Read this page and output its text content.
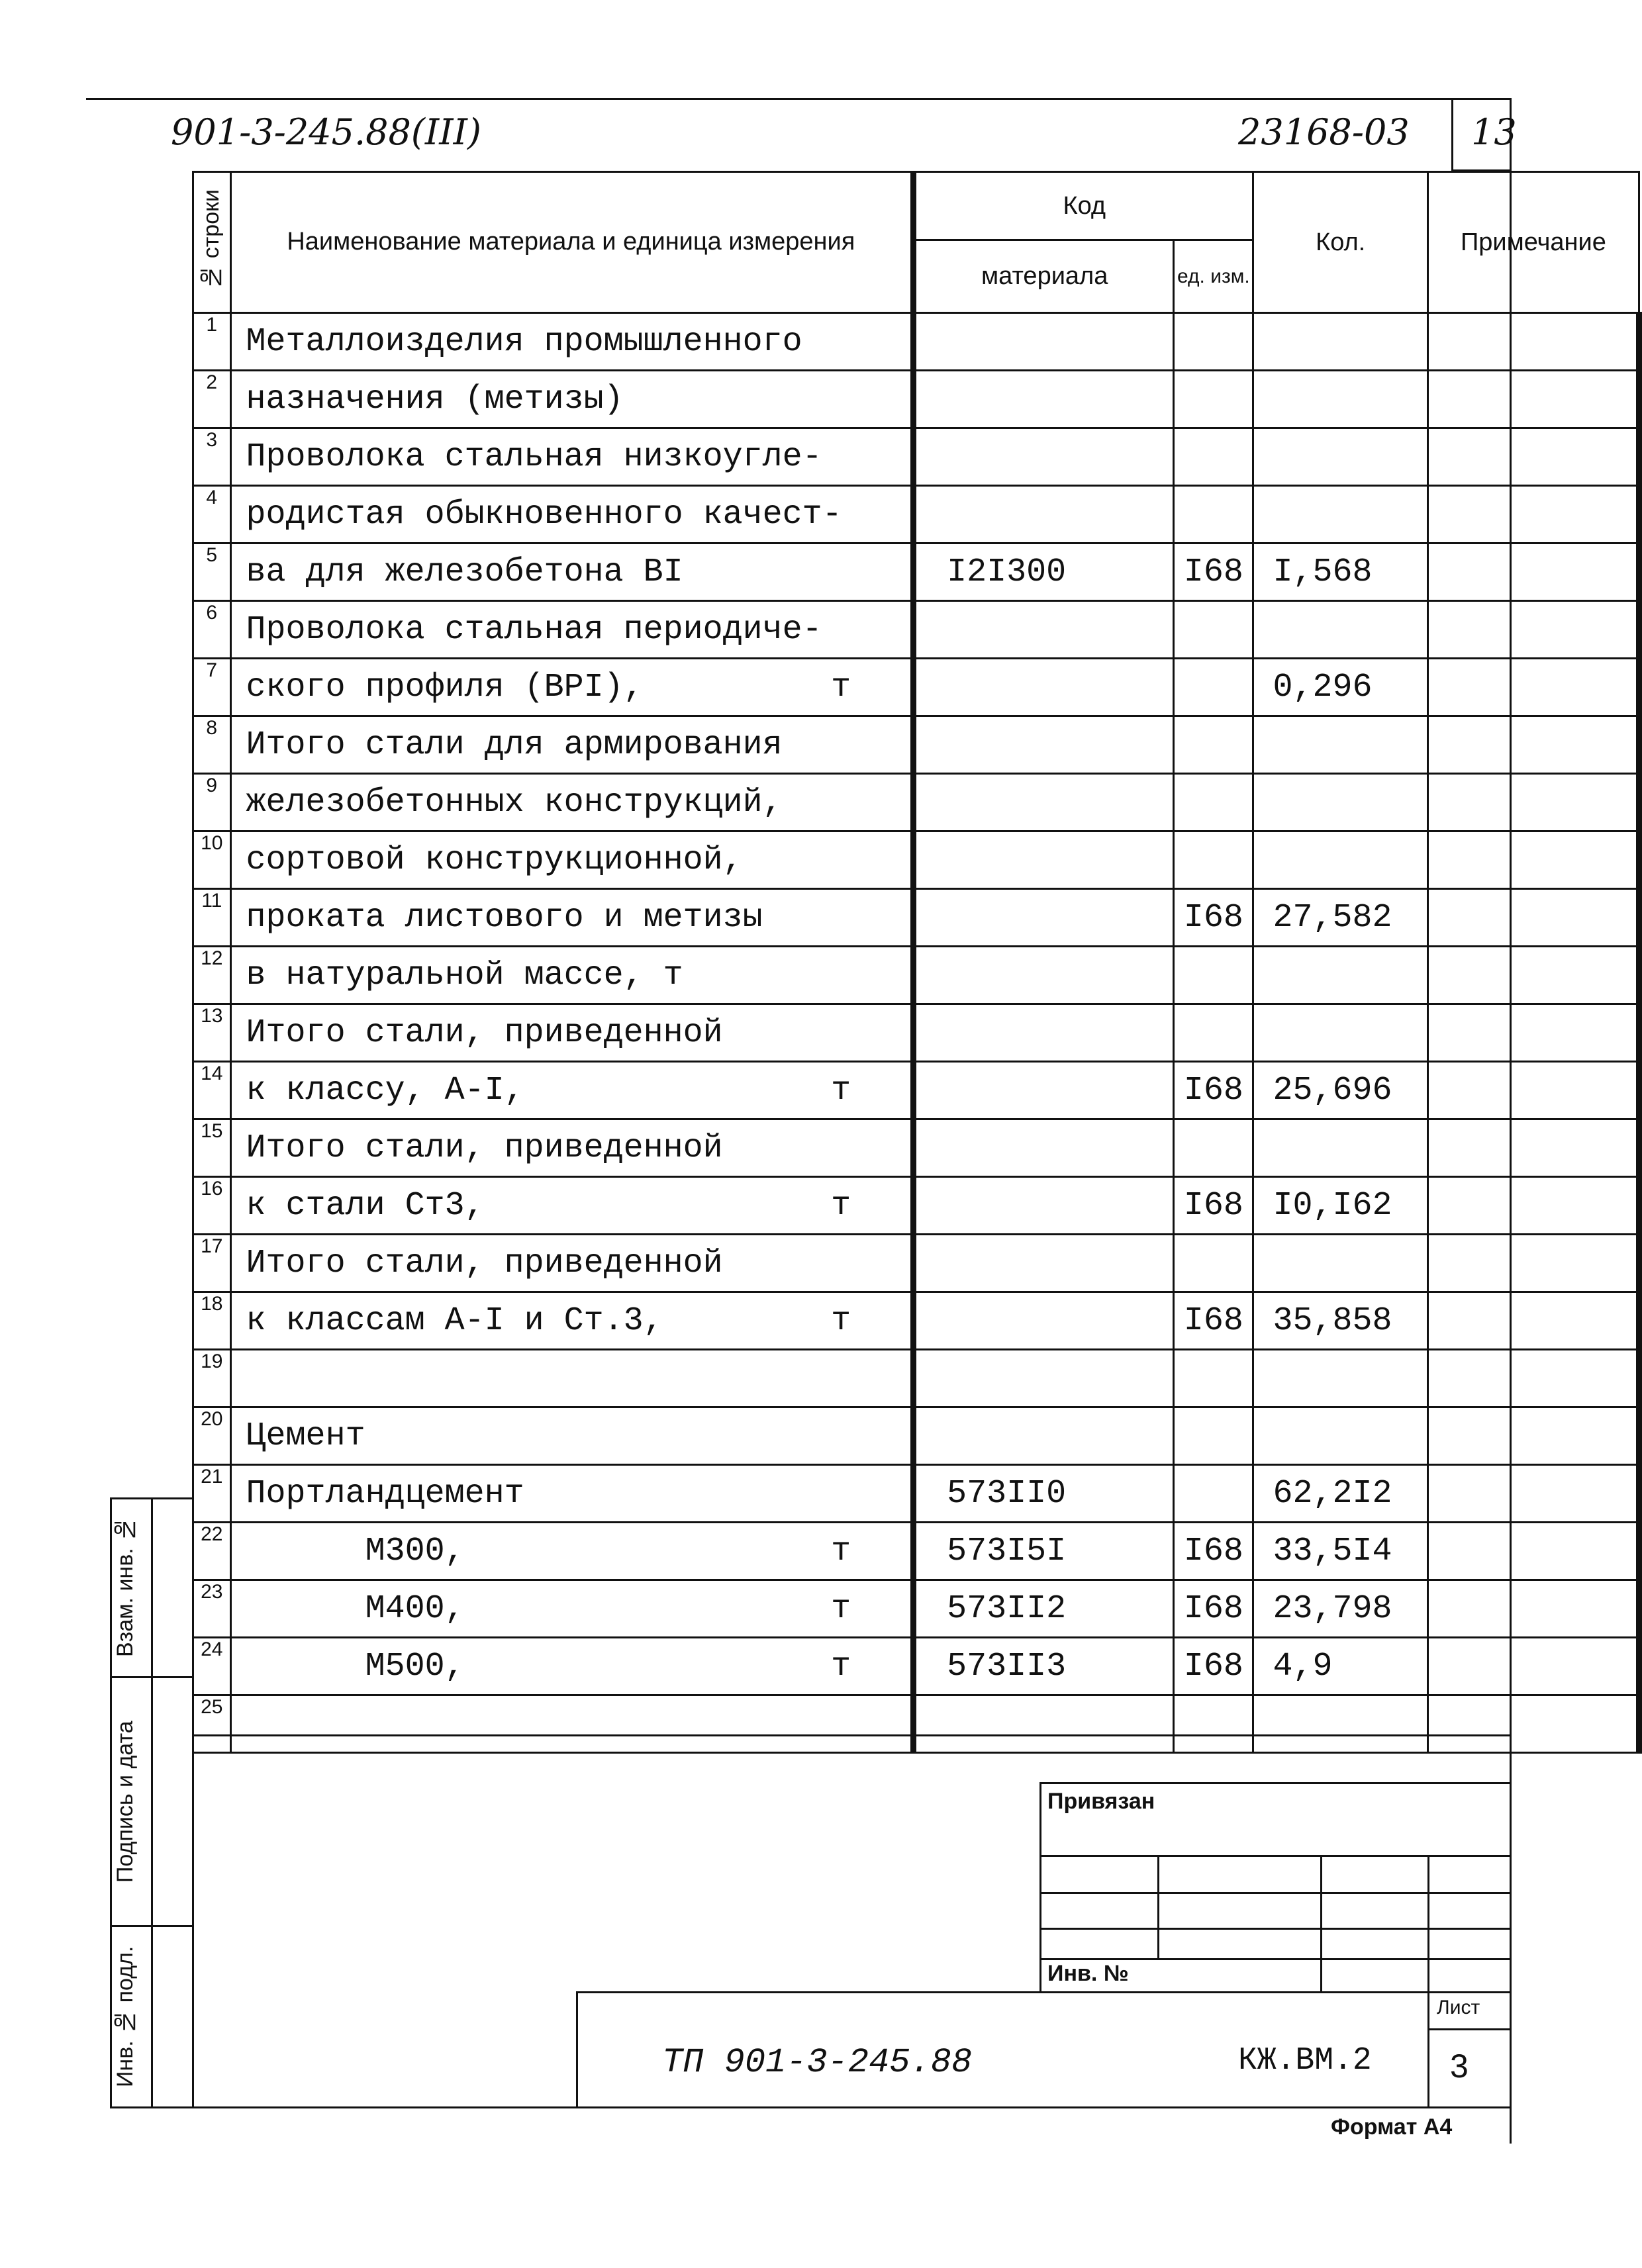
901-3-245.88(III)	23168-03 13
№ строки	Наименование материала и единица измерения	Код		Кол.	Примечание
		материала	ед. изм.		
1	Металлоизделия промышленного				

2	назначения (метизы)				

3	Проволока стальная низкоугле-				

4	родистая обыкновенного качест-				

5	ва для железобетона BI	I2I300	I68	I,568	
6	Проволока стальная периодиче-				

7	ского профиля (ВРI), т			0,296	
8	Итого стали для армирования				

9	железобетонных конструкций,				

10	сортовой конструкционной,				

11	проката листового и метизы		I68	27,582	
12	в натуральной массе, т				

13	Итого стали, приведенной				

14	к классу, А-I, т		I68	25,696	
15	Итого стали, приведенной				

16	к стали Ст3, т		I68	I0,I62	
17	Итого стали, приведенной				

18	к классам А-I и Ст.3, т		I68	35,858	
19	

20	Цемент				

21	Портландцемент	573II0		62,2I2	
22	М300, т	573I5I	I68	33,5I4	
23	М400, т	573II2	I68	23,798	
24	М500, т	573II3	I68	4,9	
25	

Взам. инв. №
Подпись и дата
Инв. № подл.
Привязан
Инв. №
ТП 901-3-245.88	КЖ.ВМ.2
Лист
3
Формат А4
